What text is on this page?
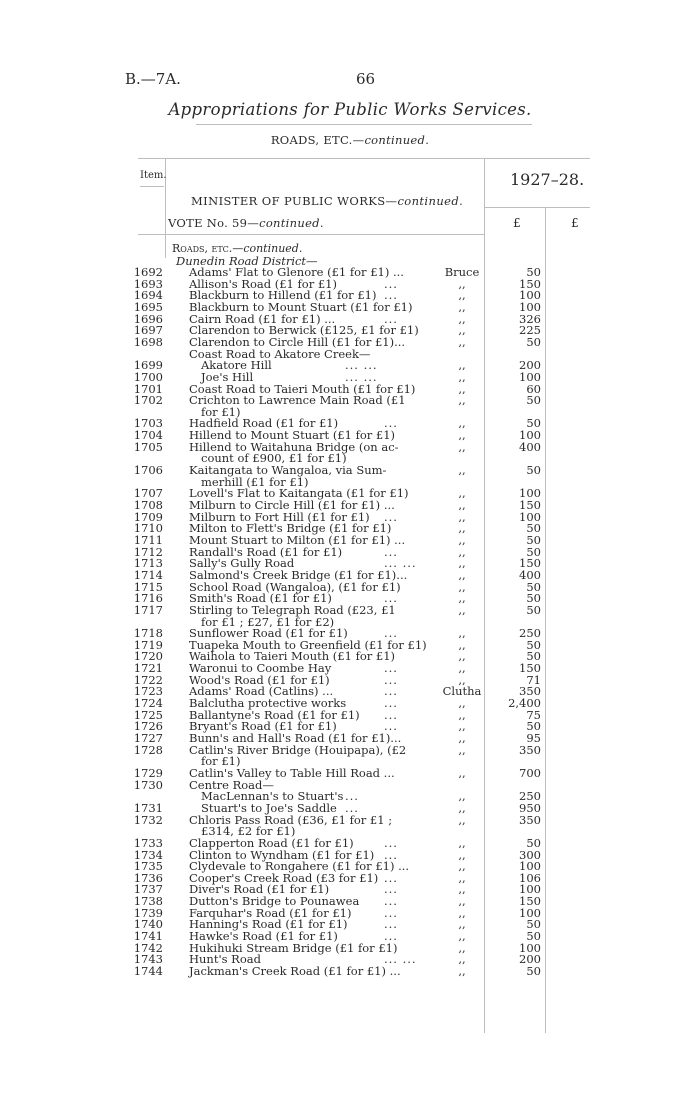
B.—7A.	66
Appropriations for Public Works Services.
ROADS, ETC.—continued.
Item.	1927–28.
MINISTER OF PUBLIC WORKS—continued.
VOTE No. 59—continued.	£	£
Roads, etc.—continued.
Dunedin Road District—
1692 Adams' Flat to Glenore (£1 for £1) ...	Bruce	50
1693 Allison's Road (£1 for £1)	...	,,	150
1694 Blackburn to Hillend (£1 for £1) ...	,,	100
1695 Blackburn to Mount Stuart (£1 for £1)	,,	100
1696 Cairn Road (£1 for £1) ...	...	,,	326
1697 Clarendon to Berwick (£125, £1 for £1)	,,	225
1698 Clarendon to Circle Hill (£1 for £1)...	,,	50
Coast Road to Akatore Creek—
1699	Akatore Hill	... ...	,,	200
1700	Joe's Hill	... ...	,,	100
1701 Coast Road to Taieri Mouth (£1 for £1)	,,	60
1702 Crichton to Lawrence Main Road (£1	,,	50
for £1)
1703 Hadfield Road (£1 for £1)	...	,,	50
1704 Hillend to Mount Stuart (£1 for £1)	,,	100
1705 Hillend to Waitahuna Bridge (on ac-	,,	400
count of £900, £1 for £1)
1706 Kaitangata to Wangaloa, via Sum-	,,	50
merhill (£1 for £1)
1707 Lovell's Flat to Kaitangata (£1 for £1)	,,	100
1708 Milburn to Circle Hill (£1 for £1) ...	,,	150
1709 Milburn to Fort Hill (£1 for £1) ...	,,	100
1710 Milton to Flett's Bridge (£1 for £1)	,,	50
1711 Mount Stuart to Milton (£1 for £1) ...	,,	50
1712 Randall's Road (£1 for £1)	...	,,	50
1713 Sally's Gully Road	... ...	,,	150
1714 Salmond's Creek Bridge (£1 for £1)...	,,	400
1715 School Road (Wangaloa), (£1 for £1)	,,	50
1716 Smith's Road (£1 for £1)	...	,,	50
1717 Stirling to Telegraph Road (£23, £1	,,	50
for £1 ; £27, £1 for £2)
1718 Sunflower Road (£1 for £1)	...	,,	250
1719 Tuapeka Mouth to Greenfield (£1 for £1)	,,	50
1720 Waihola to Taieri Mouth (£1 for £1)	,,	50
1721 Waronui to Coombe Hay	...	,,	150
1722 Wood's Road (£1 for £1)	...	,,	71
1723 Adams' Road (Catlins) ...	...	Clutha	350
1724 Balclutha protective works	...	,,	2,400
1725 Ballantyne's Road (£1 for £1) ...	,,	75
1726 Bryant's Road (£1 for £1)	...	,,	50
1727 Bunn's and Hall's Road (£1 for £1)...	,,	95
1728 Catlin's River Bridge (Houipapa), (£2	,,	350
for £1)
1729 Catlin's Valley to Table Hill Road ...	,,	700
1730 Centre Road—
MacLennan's to Stuart's ...	,,	250
1731	Stuart's to Joe's Saddle ...	,,	950
1732 Chloris Pass Road (£36, £1 for £1 ;	,,	350
£314, £2 for £1)
1733 Clapperton Road (£1 for £1)	...	,,	50
1734 Clinton to Wyndham (£1 for £1) ...	,,	300
1735 Clydevale to Rongahere (£1 for £1) ...	,,	100
1736 Cooper's Creek Road (£3 for £1) ...	,,	106
1737 Diver's Road (£1 for £1)	...	,,	100
1738 Dutton's Bridge to Pounawea ...	,,	150
1739 Farquhar's Road (£1 for £1)	...	,,	100
1740 Hanning's Road (£1 for £1)	...	,,	50
1741 Hawke's Road (£1 for £1)	...	,,	50
1742 Hukihuki Stream Bridge (£1 for £1)	,,	100
1743 Hunt's Road	... ...	,,	200
1744 Jackman's Creek Road (£1 for £1) ...	,,	50
